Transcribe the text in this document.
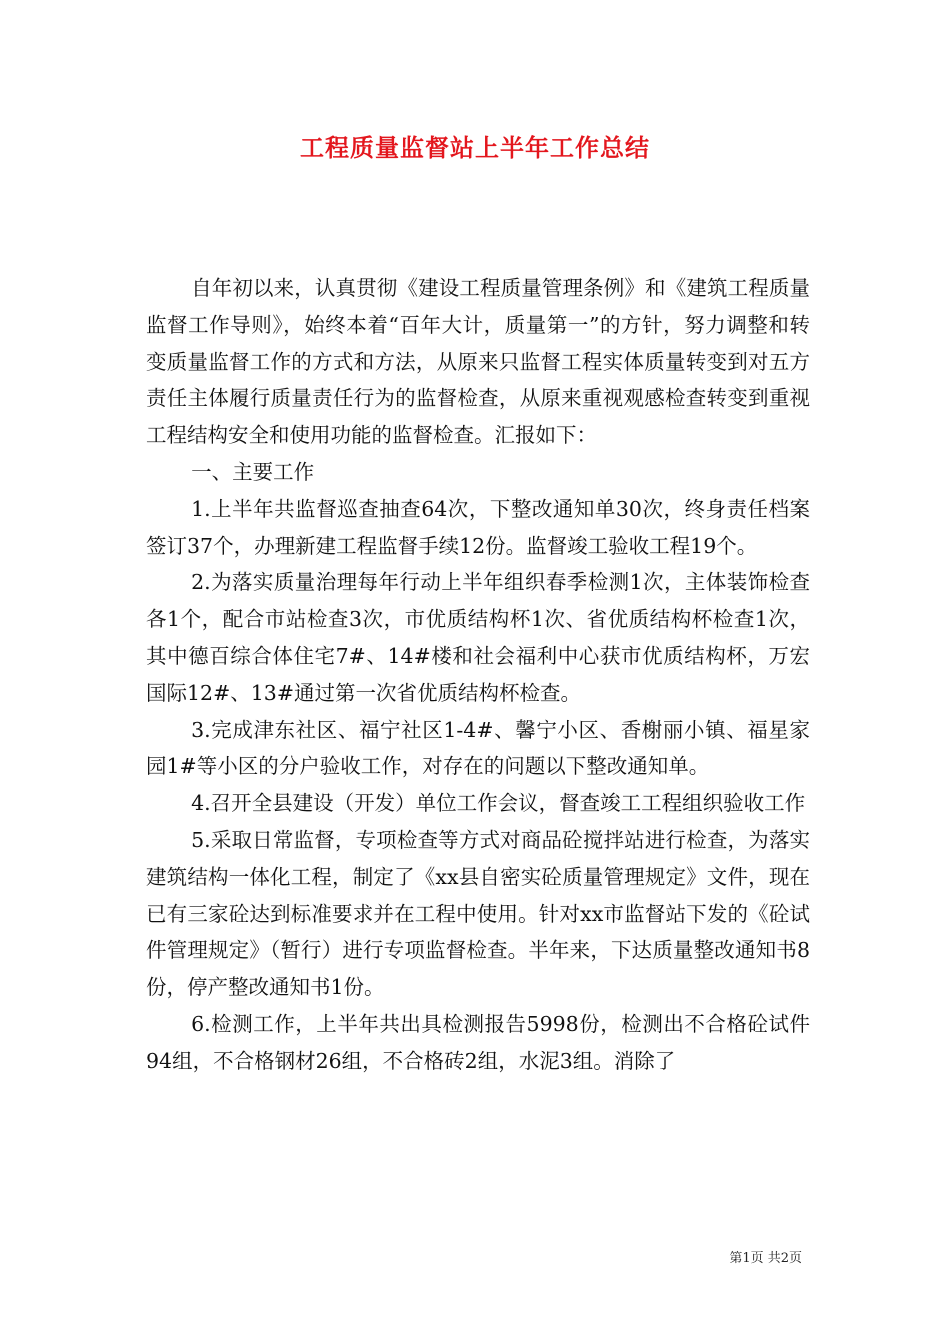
工程质量监督站上半年工作总结

自年初以来，认真贯彻《建设工程质量管理条例》和《建筑工程质量监督工作导则》，始终本着“百年大计，质量第一”的方针，努力调整和转变质量监督工作的方式和方法，从原来只监督工程实体质量转变到对五方责任主体履行质量责任行为的监督检查，从原来重视观感检查转变到重视工程结构安全和使用功能的监督检查。汇报如下：

一、主要工作

1.上半年共监督巡查抽查64次，下整改通知单30次，终身责任档案签订37个，办理新建工程监督手续12份。监督竣工验收工程19个。

2.为落实质量治理每年行动上半年组织春季检测1次，主体装饰检查各1个，配合市站检查3次，市优质结构杯1次、省优质结构杯检查1次，其中德百综合体住宅7#、14#楼和社会福利中心获市优质结构杯，万宏国际12#、13#通过第一次省优质结构杯检查。

3.完成津东社区、福宁社区1-4#、馨宁小区、香榭丽小镇、福星家园1#等小区的分户验收工作，对存在的问题以下整改通知单。

4.召开全县建设（开发）单位工作会议，督查竣工工程组织验收工作

5.采取日常监督，专项检查等方式对商品砼搅拌站进行检查，为落实建筑结构一体化工程，制定了《xx县自密实砼质量管理规定》文件，现在已有三家砼达到标准要求并在工程中使用。针对xx市监督站下发的《砼试件管理规定》（暂行）进行专项监督检查。半年来，下达质量整改通知书8份，停产整改通知书1份。

6.检测工作，上半年共出具检测报告5998份，检测出不合格砼试件94组，不合格钢材26组，不合格砖2组，水泥3组。消除了

第1页 共2页
